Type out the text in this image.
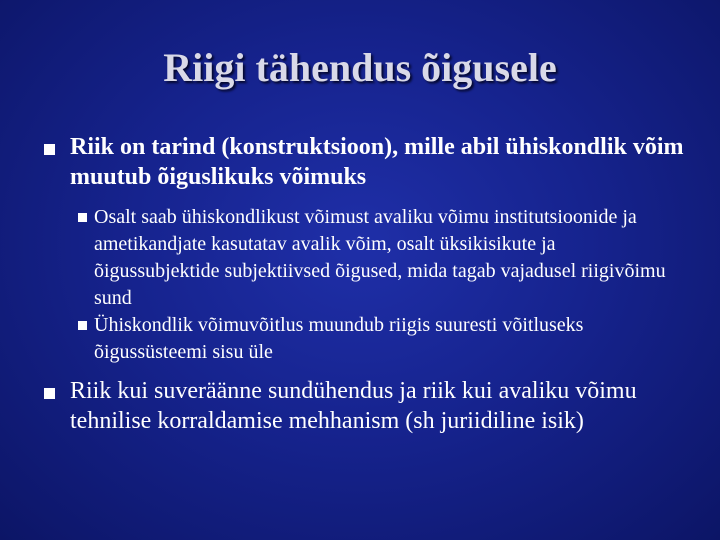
Riigi tähendus õigusele
Riik on tarind (konstruktsioon), mille abil ühiskondlik võim muutub õiguslikuks võimuks
Osalt saab ühiskondlikust võimust avaliku võimu institutsioonide ja ametikandjate kasutatav avalik võim, osalt üksikisikute ja õigussubjektide subjektiivsed õigused, mida tagab vajadusel riigivõimu sund
Ühiskondlik võimuvõitlus muundub riigis suuresti võitluseks õigussüsteemi sisu üle
Riik kui suveräänne sundühendus ja riik kui avaliku võimu tehnilise korraldamise mehhanism (sh juriidiline isik)
